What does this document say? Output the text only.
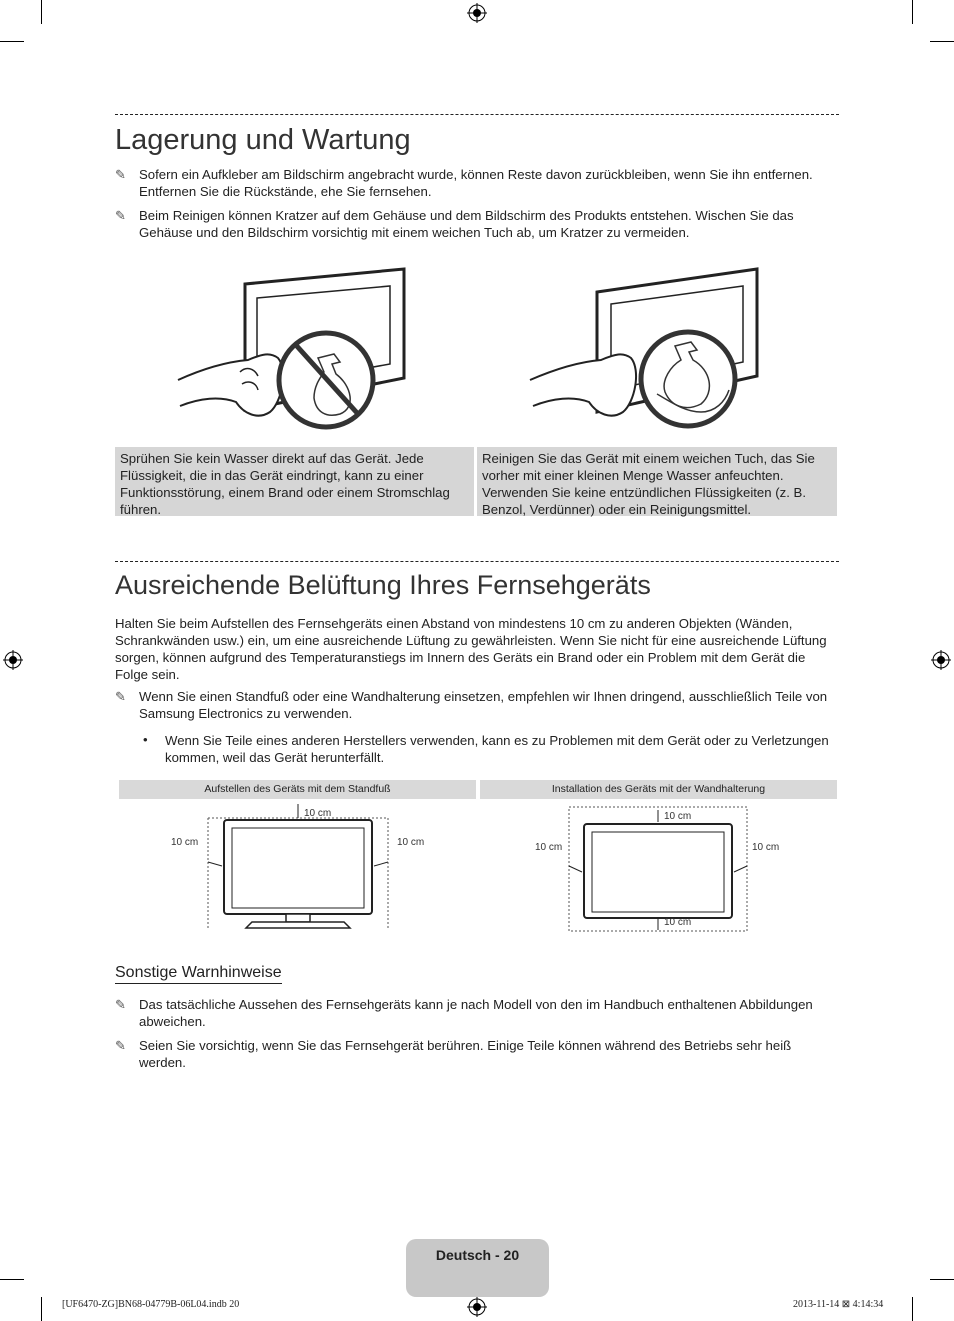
Lagerung und Wartung
✎ Sofern ein Aufkleber am Bildschirm angebracht wurde, können Reste davon zurückbleiben, wenn Sie ihn entfernen. Entfernen Sie die Rückstände, ehe Sie fernsehen.
✎ Beim Reinigen können Kratzer auf dem Gehäuse und dem Bildschirm des Produkts entstehen. Wischen Sie das Gehäuse und den Bildschirm vorsichtig mit einem weichen Tuch ab, um Kratzer zu vermeiden.
Sprühen Sie kein Wasser direkt auf das Gerät. Jede Flüssigkeit, die in das Gerät eindringt, kann zu einer Funktionsstörung, einem Brand oder einem Stromschlag führen.
Reinigen Sie das Gerät mit einem weichen Tuch, das Sie vorher mit einer kleinen Menge Wasser anfeuchten. Verwenden Sie keine entzündlichen Flüssigkeiten (z. B. Benzol, Verdünner) oder ein Reinigungsmittel.
Ausreichende Belüftung Ihres Fernsehgeräts
Halten Sie beim Aufstellen des Fernsehgeräts einen Abstand von mindestens 10 cm zu anderen Objekten (Wänden, Schrankwänden usw.) ein, um eine ausreichende Lüftung zu gewährleisten. Wenn Sie nicht für eine ausreichende Lüftung sorgen, können aufgrund des Temperaturanstiegs im Innern des Geräts ein Brand oder ein Problem mit dem Gerät die Folge sein.
✎ Wenn Sie einen Standfuß oder eine Wandhalterung einsetzen, empfehlen wir Ihnen dringend, ausschließlich Teile von Samsung Electronics zu verwenden.
• Wenn Sie Teile eines anderen Herstellers verwenden, kann es zu Problemen mit dem Gerät oder zu Verletzungen kommen, weil das Gerät herunterfällt.
Aufstellen des Geräts mit dem Standfuß	Installation des Geräts mit der Wandhalterung
10 cm
10 cm	10 cm
10 cm
10 cm	10 cm
10 cm
Sonstige Warnhinweise
✎ Das tatsächliche Aussehen des Fernsehgeräts kann je nach Modell von den im Handbuch enthaltenen Abbildungen abweichen.
✎ Seien Sie vorsichtig, wenn Sie das Fernsehgerät berühren. Einige Teile können während des Betriebs sehr heiß werden.
Deutsch - 20
[UF6470-ZG]BN68-04779B-06L04.indb 20	2013-11-14 ⊠ 4:14:34
